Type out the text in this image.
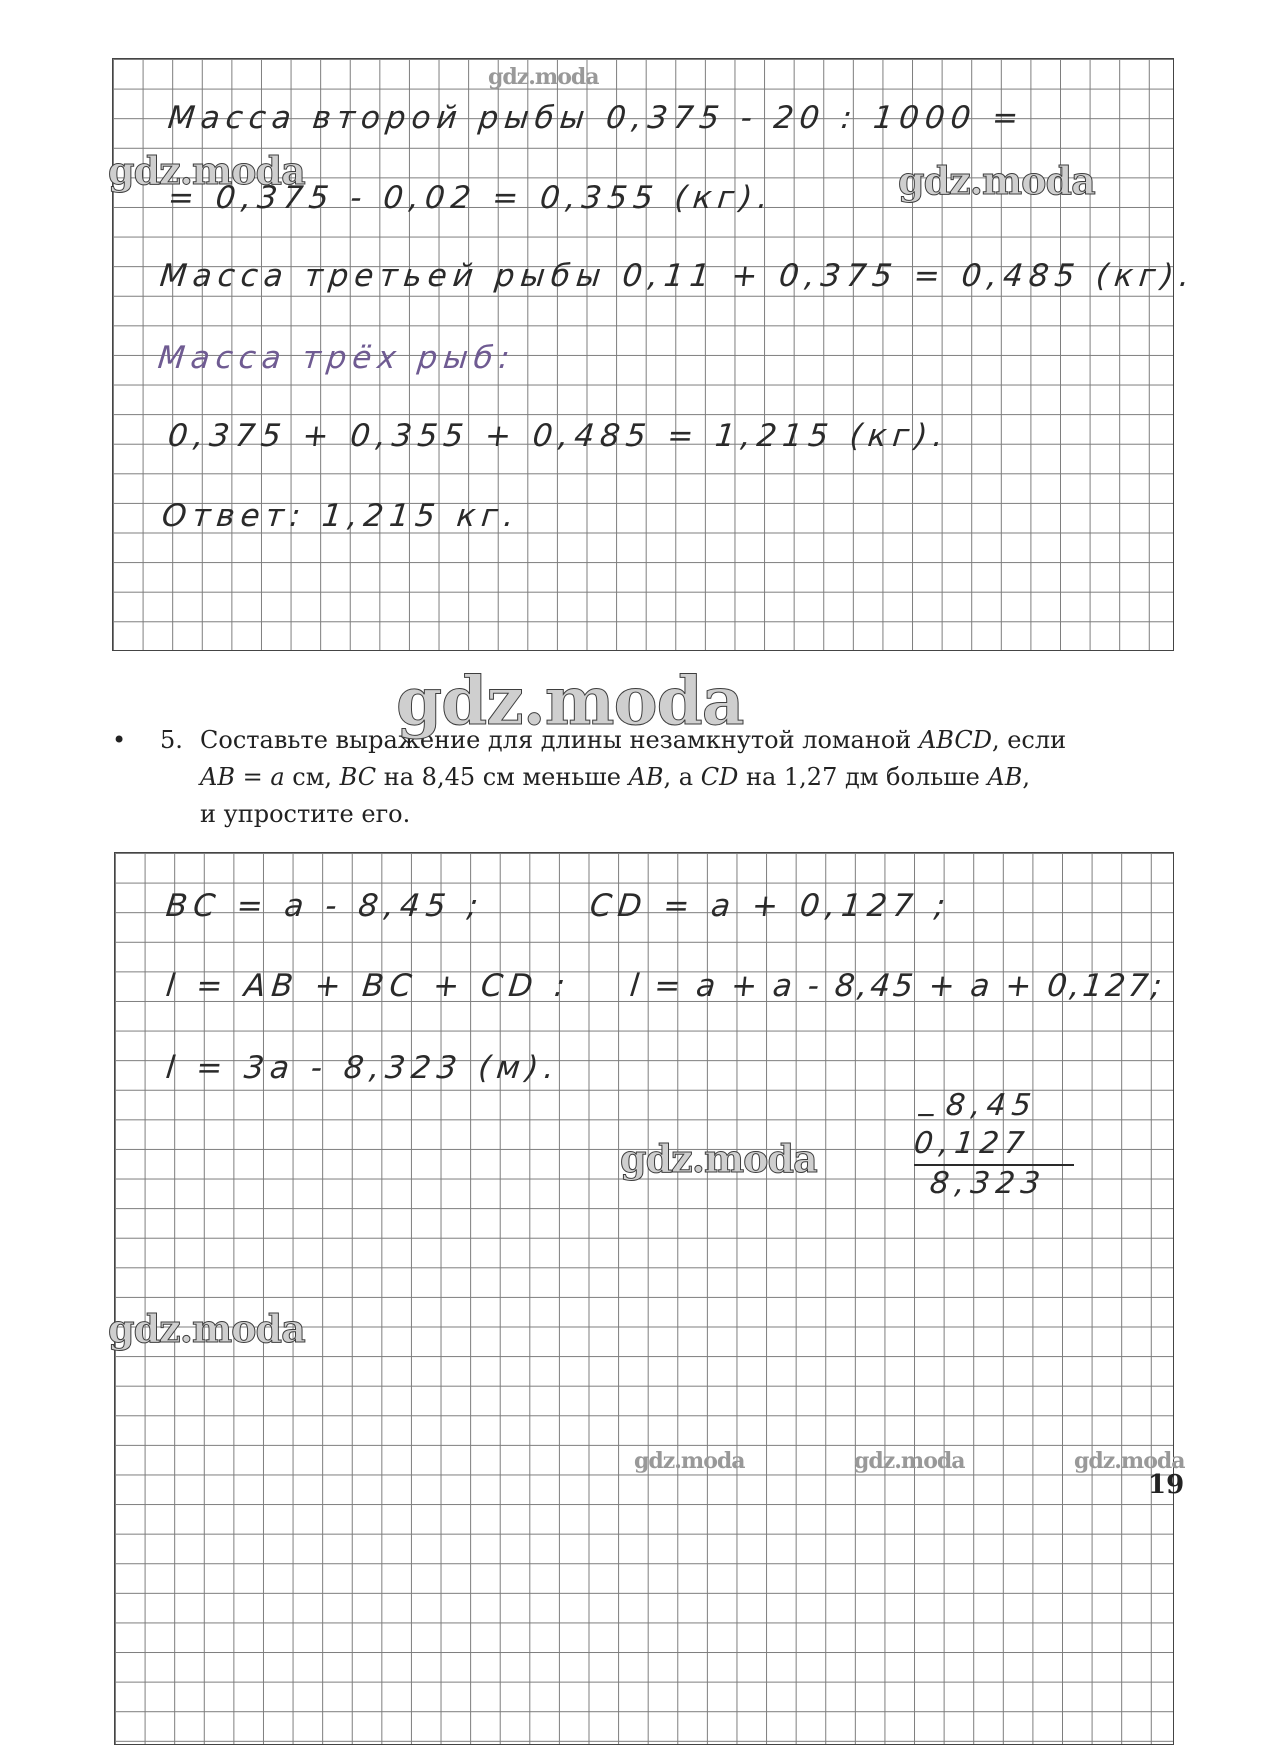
Масса второй рыбы 0,375 - 20 : 1000 =
= 0,375 - 0,02 = 0,355 (кг).
Масса третьей рыбы 0,11 + 0,375 = 0,485 (кг).
Масса трёх рыб:
0,375 + 0,355 + 0,485 = 1,215 (кг).
Ответ: 1,215 кг.
• 5. Составьте выражение для длины незамкнутой ломаной ABCD, если
AB = a см, BC на 8,45 см меньше AB, а CD на 1,27 дм больше AB,
и упростите его.
BC = a - 8,45 ;	CD = a + 0,127 ;
l = AB + BC + CD : l = a + a - 8,45 + a + 0,127;
l = 3a - 8,323 (м).
_ 8,45
0,127
8,323
gdz.moda
gdz.moda	gdz.moda
gdz.moda
gdz.moda
gdz.moda
gdz.moda	gdz.moda	gdz.moda
19
